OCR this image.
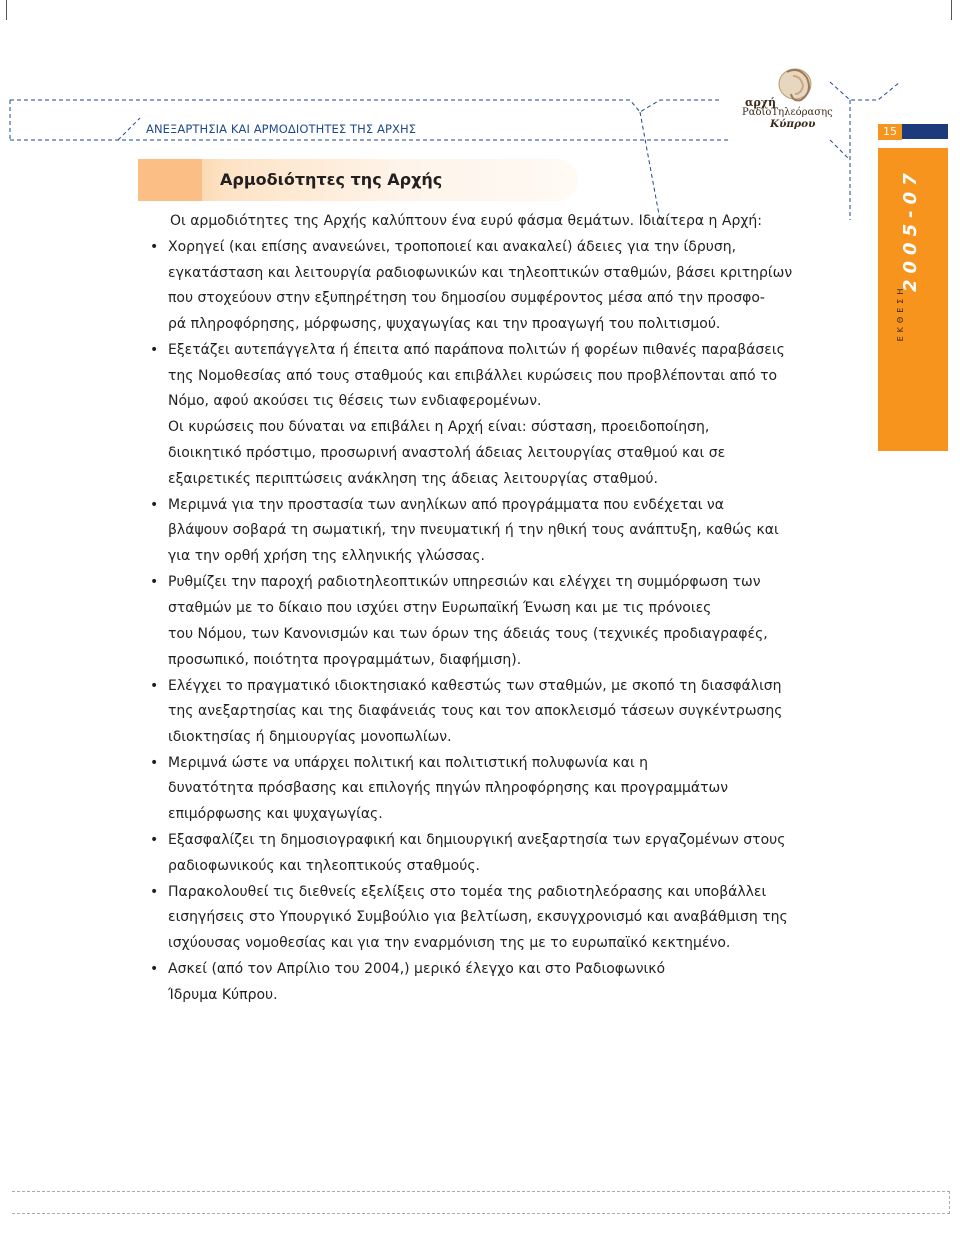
ΑΝΕΞΑΡΤΗΣΙΑ ΚΑΙ ΑΡΜΟΔΙΟΤΗΤΕΣ ΤΗΣ ΑΡΧΗΣ
αρχή
ΡαδιοΤηλεόρασης
Κύπρου
15
2005-07
ΕΚΘΕΣΗ
Αρμοδιότητες της Αρχής
Οι αρμοδιότητες της Αρχής καλύπτουν ένα ευρύ φάσμα θεμάτων. Ιδιαίτερα η Αρχή:
• Χορηγεί (και επίσης ανανεώνει, τροποποιεί και ανακαλεί) άδειες για την ίδρυση,
εγκατάσταση και λειτουργία ραδιοφωνικών και τηλεοπτικών σταθμών, βάσει κριτηρίων
που στοχεύουν στην εξυπηρέτηση του δημοσίου συμφέροντος μέσα από την προσφο-
ρά πληροφόρησης, μόρφωσης, ψυχαγωγίας και την προαγωγή του πολιτισμού.
• Εξετάζει αυτεπάγγελτα ή έπειτα από παράπονα πολιτών ή φορέων πιθανές παραβάσεις
της Νομοθεσίας από τους σταθμούς και επιβάλλει κυρώσεις που προβλέπονται από το
Νόμο, αφού ακούσει τις θέσεις των ενδιαφερομένων.
Οι κυρώσεις που δύναται να επιβάλει η Αρχή είναι: σύσταση, προειδοποίηση,
διοικητικό πρόστιμο, προσωρινή αναστολή άδειας λειτουργίας σταθμού και σε
εξαιρετικές περιπτώσεις ανάκληση της άδειας λειτουργίας σταθμού.
• Μεριμνά για την προστασία των ανηλίκων από προγράμματα που ενδέχεται να
βλάψουν σοβαρά τη σωματική, την πνευματική ή την ηθική τους ανάπτυξη, καθώς και
για την ορθή χρήση της ελληνικής γλώσσας.
• Ρυθμίζει την παροχή ραδιοτηλεοπτικών υπηρεσιών και ελέγχει τη συμμόρφωση των
σταθμών με το δίκαιο που ισχύει στην Ευρωπαϊκή Ένωση και με τις πρόνοιες
του Νόμου, των Κανονισμών και των όρων της άδειάς τους (τεχνικές προδιαγραφές,
προσωπικό, ποιότητα προγραμμάτων, διαφήμιση).
• Ελέγχει το πραγματικό ιδιοκτησιακό καθεστώς των σταθμών, με σκοπό τη διασφάλιση
της ανεξαρτησίας και της διαφάνειάς τους και τον αποκλεισμό τάσεων συγκέντρωσης
ιδιοκτησίας ή δημιουργίας μονοπωλίων.
• Μεριμνά ώστε να υπάρχει πολιτική και πολιτιστική πολυφωνία και η
δυνατότητα πρόσβασης και επιλογής πηγών πληροφόρησης και προγραμμάτων
επιμόρφωσης και ψυχαγωγίας.
• Εξασφαλίζει τη δημοσιογραφική και δημιουργική ανεξαρτησία των εργαζομένων στους
ραδιοφωνικούς και τηλεοπτικούς σταθμούς.
• Παρακολουθεί τις διεθνείς εξελίξεις στο τομέα της ραδιοτηλεόρασης και υποβάλλει
εισηγήσεις στο Υπουργικό Συμβούλιο για βελτίωση, εκσυγχρονισμό και αναβάθμιση της
ισχύουσας νομοθεσίας και για την εναρμόνιση της με το ευρωπαϊκό κεκτημένο.
• Ασκεί (από τον Απρίλιο του 2004,) μερικό έλεγχο και στο Ραδιοφωνικό
Ίδρυμα Κύπρου.
